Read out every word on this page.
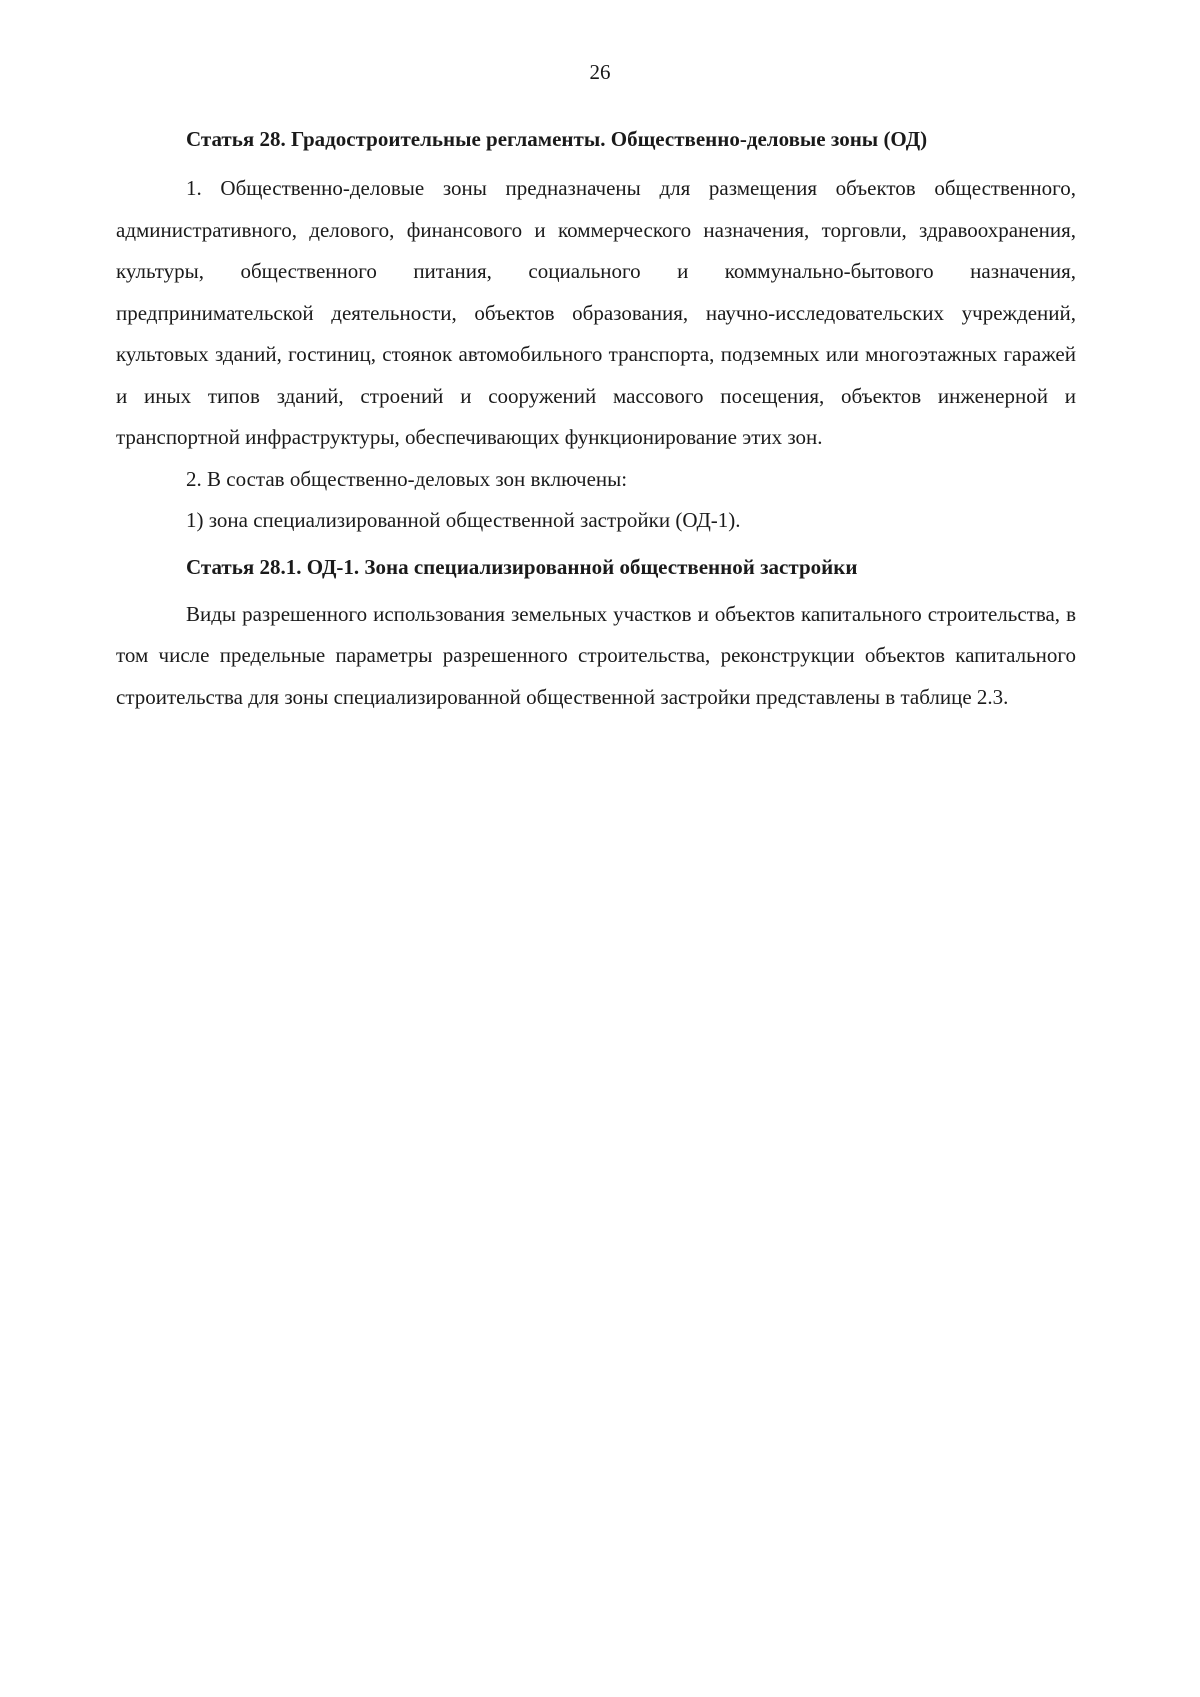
26
Статья 28. Градостроительные регламенты. Общественно-деловые зоны (ОД)

1. Общественно-деловые зоны предназначены для размещения объектов общественного, административного, делового, финансового и коммерческого назначения, торговли, здравоохранения, культуры, общественного питания, социального и коммунально-бытового назначения, предпринимательской деятельности, объектов образования, научно-исследовательских учреждений, культовых зданий, гостиниц, стоянок автомобильного транспорта, подземных или многоэтажных гаражей и иных типов зданий, строений и сооружений массового посещения, объектов инженерной и транспортной инфраструктуры, обеспечивающих функционирование этих зон.

2. В состав общественно-деловых зон включены:

1) зона специализированной общественной застройки (ОД-1).

Статья 28.1. ОД-1. Зона специализированной общественной застройки

Виды разрешенного использования земельных участков и объектов капитального строительства, в том числе предельные параметры разрешенного строительства, реконструкции объектов капитального строительства для зоны специализированной общественной застройки представлены в таблице 2.3.
